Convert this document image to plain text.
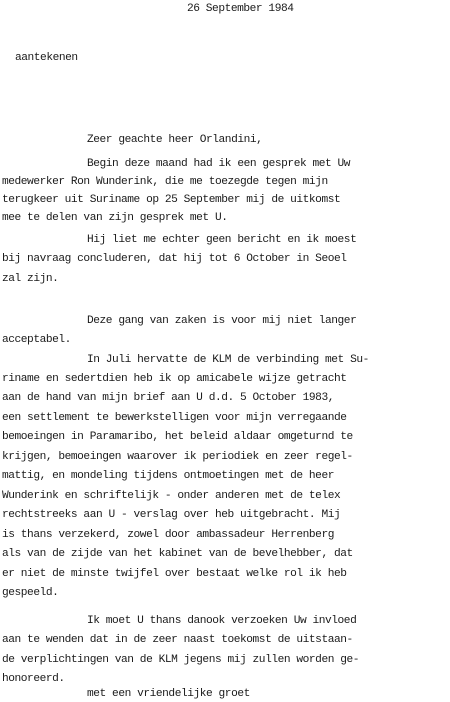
26 September 1984
aantekenen
Zeer geachte heer Orlandini,
Begin deze maand had ik een gesprek met Uw
medewerker Ron Wunderink, die me toezegde tegen mijn
terugkeer uit Suriname op 25 September mij de uitkomst
mee te delen van zijn gesprek met U.
Hij liet me echter geen bericht en ik moest
bij navraag concluderen, dat hij tot 6 October in Seoel
zal zijn.
Deze gang van zaken is voor mij niet langer
acceptabel.
In Juli hervatte de KLM de verbinding met Su-
riname en sedertdien heb ik op amicabele wijze getracht
aan de hand van mijn brief aan U d.d. 5 October 1983,
een settlement te bewerkstelligen voor mijn verregaande
bemoeingen in Paramaribo, het beleid aldaar omgeturnd te
krijgen, bemoeingen waarover ik periodiek en zeer regel-
mattig, en mondeling tijdens ontmoetingen met de heer
Wunderink en schriftelijk - onder anderen met de telex
rechtstreeks aan U - verslag over heb uitgebracht. Mij
is thans verzekerd, zowel door ambassadeur Herrenberg
als van de zijde van het kabinet van de bevelhebber, dat
er niet de minste twijfel over bestaat welke rol ik heb
gespeeld.
Ik moet U thans danook verzoeken Uw invloed
aan te wenden dat in de zeer naast toekomst de uitstaan-
de verplichtingen van de KLM jegens mij zullen worden ge-
honoreerd.
met een vriendelijke groet
